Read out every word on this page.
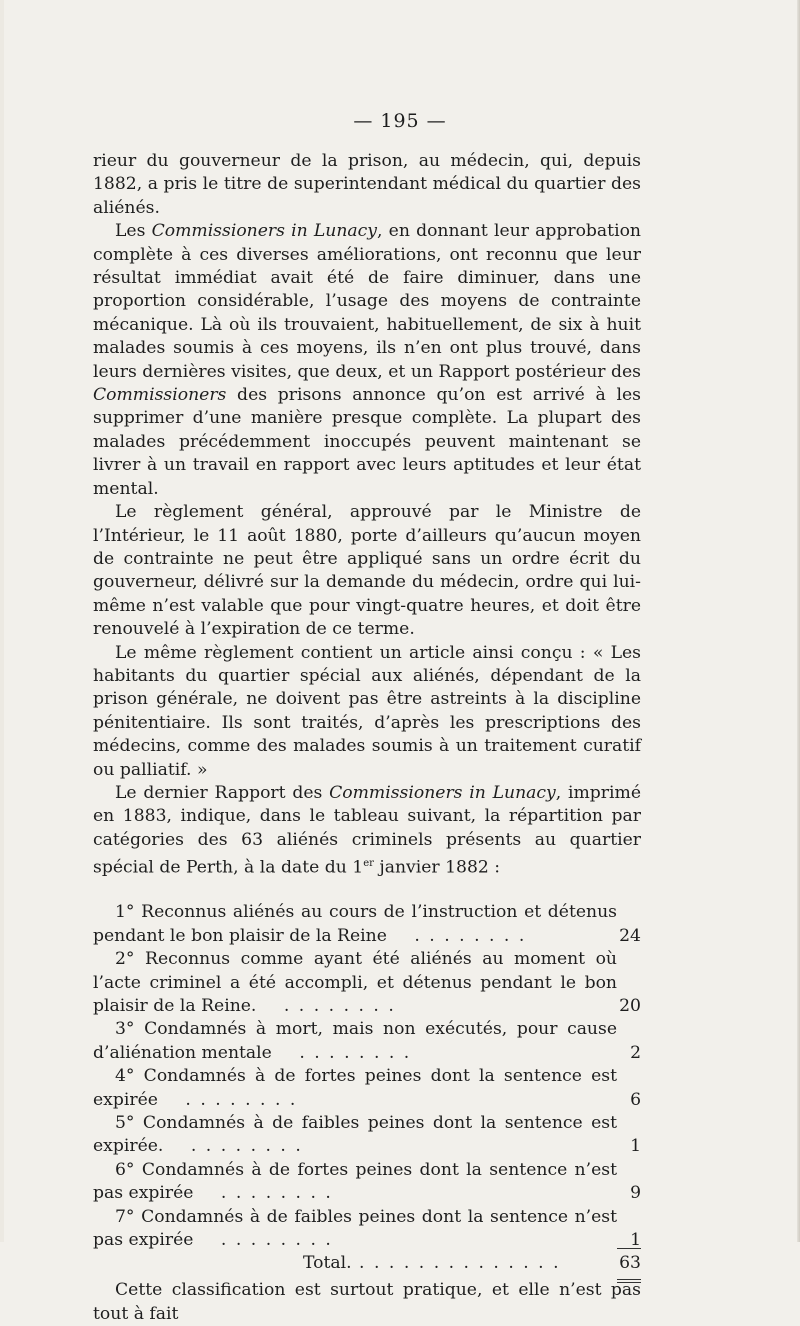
— 195 —

rieur du gouverneur de la prison, au médecin, qui, depuis 1882, a pris le titre de superintendant médical du quartier des aliénés.

Les Commissioners in Lunacy, en donnant leur approbation complète à ces diverses améliorations, ont reconnu que leur résultat immédiat avait été de faire diminuer, dans une proportion considérable, l’usage des moyens de contrainte mécanique. Là où ils trouvaient, habituellement, de six à huit malades soumis à ces moyens, ils n’en ont plus trouvé, dans leurs dernières visites, que deux, et un Rapport postérieur des Commissioners des prisons annonce qu’on est arrivé à les supprimer d’une manière presque complète. La plupart des malades précédemment inoccupés peuvent maintenant se livrer à un travail en rapport avec leurs aptitudes et leur état mental.

Le règlement général, approuvé par le Ministre de l’Intérieur, le 11 août 1880, porte d’ailleurs qu’aucun moyen de contrainte ne peut être appliqué sans un ordre écrit du gouverneur, délivré sur la demande du médecin, ordre qui lui-même n’est valable que pour vingt-quatre heures, et doit être renouvelé à l’expiration de ce terme.

Le même règlement contient un article ainsi conçu : « Les habitants du quartier spécial aux aliénés, dépendant de la prison générale, ne doivent pas être astreints à la discipline pénitentiaire. Ils sont traités, d’après les prescriptions des médecins, comme des malades soumis à un traitement curatif ou palliatif. »

Le dernier Rapport des Commissioners in Lunacy, imprimé en 1883, indique, dans le tableau suivant, la répartition par catégories des 63 aliénés criminels présents au quartier spécial de Perth, à la date du 1er janvier 1882 :

1° Reconnus aliénés au cours de l’instruction et détenus pendant le bon plaisir de la Reine . . . . . . . .	24
2° Reconnus comme ayant été aliénés au moment où l’acte criminel a été accompli, et détenus pendant le bon plaisir de la Reine. . . . . . . . .	20
3° Condamnés à mort, mais non exécutés, pour cause d’aliénation mentale . . . . . . . .	2
4° Condamnés à de fortes peines dont la sentence est expirée . . . . . . . .	6
5° Condamnés à de faibles peines dont la sentence est expirée. . . . . . . . .	1
6° Condamnés à de fortes peines dont la sentence n’est pas expirée . . . . . . . .	9
7° Condamnés à de faibles peines dont la sentence n’est pas expirée . . . . . . . .	1
Total. . . . . . . . . . . . . . .	63

Cette classification est surtout pratique, et elle n’est pas tout à fait
